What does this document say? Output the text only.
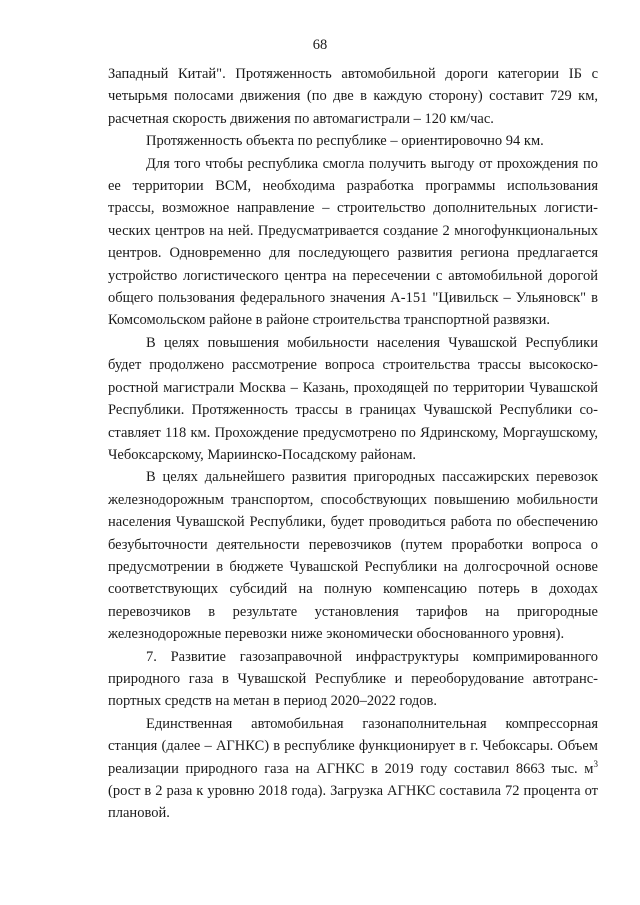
68

Западный Китай". Протяженность автомобильной дороги категории IБ с четырьмя полосами движения (по две в каждую сторону) составит 729 км, расчетная скорость движения по автомагистрали – 120 км/час.

Протяженность объекта по республике – ориентировочно 94 км.

Для того чтобы республика смогла получить выгоду от прохождения по ее территории ВСМ, необходима разработка программы использования трассы, возможное направление – строительство дополнительных логистических центров на ней. Предусматривается создание 2 многофункциональных центров. Одновременно для последующего развития региона предлагается устройство логистического центра на пересечении с автомобильной дорогой общего пользования федерального значения А-151 "Цивильск – Ульяновск" в Комсомольском районе в районе строительства транспортной развязки.

В целях повышения мобильности населения Чувашской Республики будет продолжено рассмотрение вопроса строительства трассы высокоскоростной магистрали Москва – Казань, проходящей по территории Чувашской Республики. Протяженность трассы в границах Чувашской Республики составляет 118 км. Прохождение предусмотрено по Ядринскому, Моргаушскому, Чебоксарскому, Мариинско-Посадскому районам.

В целях дальнейшего развития пригородных пассажирских перевозок железнодорожным транспортом, способствующих повышению мобильности населения Чувашской Республики, будет проводиться работа по обеспечению безубыточности деятельности перевозчиков (путем проработки вопроса о предусмотрении в бюджете Чувашской Республики на долгосрочной основе соответствующих субсидий на полную компенсацию потерь в доходах перевозчиков в результате установления тарифов на пригородные железнодорожные перевозки ниже экономически обоснованного уровня).

7. Развитие газозаправочной инфраструктуры компримированного природного газа в Чувашской Республике и переоборудование автотранспортных средств на метан в период 2020–2022 годов.

Единственная автомобильная газонаполнительная компрессорная станция (далее – АГНКС) в республике функционирует в г. Чебоксары. Объем реализации природного газа на АГНКС в 2019 году составил 8663 тыс. $м^3$ (рост в 2 раза к уровню 2018 года). Загрузка АГНКС составила 72 процента от плановой.
